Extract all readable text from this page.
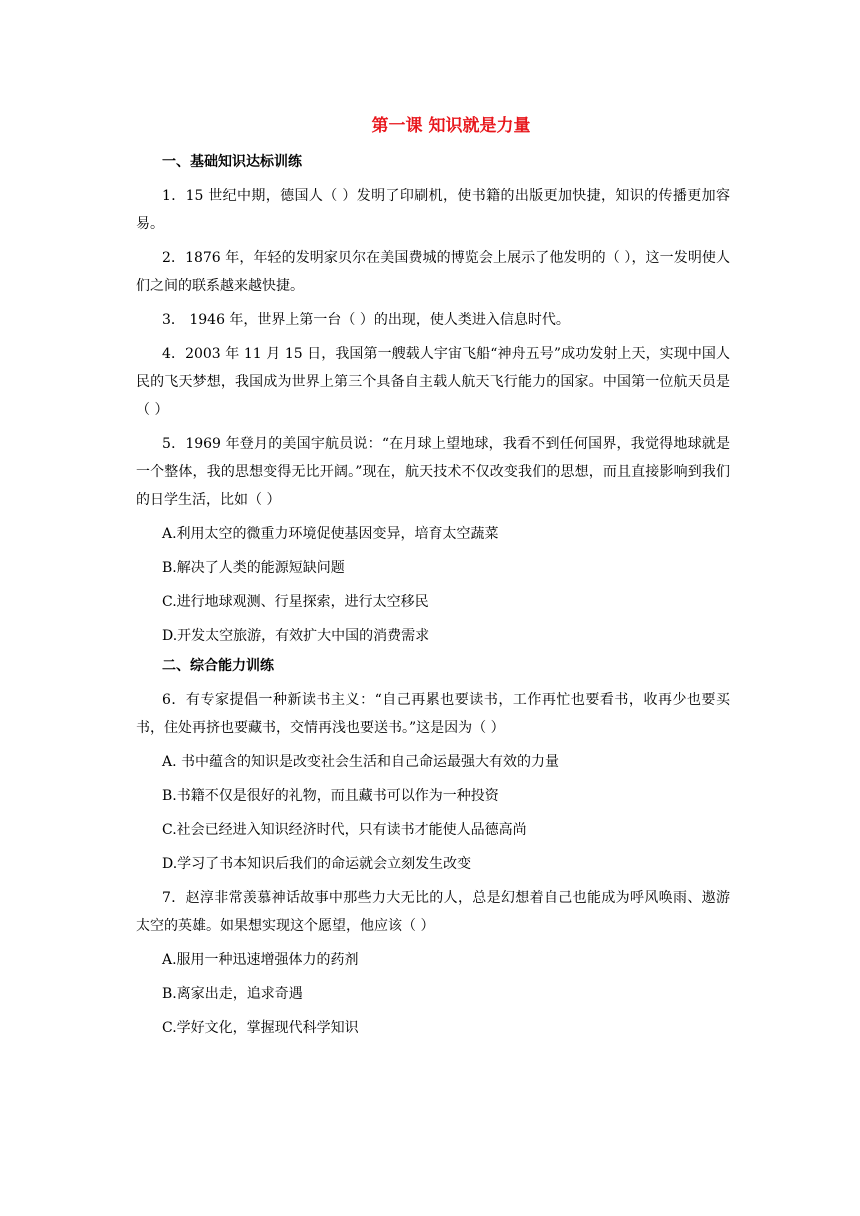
第一课 知识就是力量
一、基础知识达标训练

1．15 世纪中期，德国人（ ）发明了印刷机，使书籍的出版更加快捷，知识的传播更加容易。

2．1876 年，年轻的发明家贝尔在美国费城的博览会上展示了他发明的（ ），这一发明使人们之间的联系越来越快捷。

3． 1946 年，世界上第一台（ ）的出现，使人类进入信息时代。

4．2003 年 11 月 15 日，我国第一艘载人宇宙飞船“神舟五号”成功发射上天，实现中国人民的飞天梦想，我国成为世界上第三个具备自主载人航天飞行能力的国家。中国第一位航天员是（ ）

5．1969 年登月的美国宇航员说：“在月球上望地球，我看不到任何国界，我觉得地球就是一个整体，我的思想变得无比开阔。”现在，航天技术不仅改变我们的思想，而且直接影响到我们的日学生活，比如（ ）

A.利用太空的微重力环境促使基因变异，培育太空蔬菜
B.解决了人类的能源短缺问题
C.进行地球观测、行星探索，进行太空移民
D.开发太空旅游，有效扩大中国的消费需求
二、综合能力训练

6．有专家提倡一种新读书主义：“自己再累也要读书，工作再忙也要看书，收再少也要买书，住处再挤也要藏书，交情再浅也要送书。”这是因为（ ）

A. 书中蕴含的知识是改变社会生活和自己命运最强大有效的力量
B.书籍不仅是很好的礼物，而且藏书可以作为一种投资
C.社会已经进入知识经济时代，只有读书才能使人品德高尚
D.学习了书本知识后我们的命运就会立刻发生改变

7．赵淳非常羡慕神话故事中那些力大无比的人，总是幻想着自己也能成为呼风唤雨、遨游太空的英雄。如果想实现这个愿望，他应该（ ）

A.服用一种迅速增强体力的药剂
B.离家出走，追求奇遇
C.学好文化，掌握现代科学知识
